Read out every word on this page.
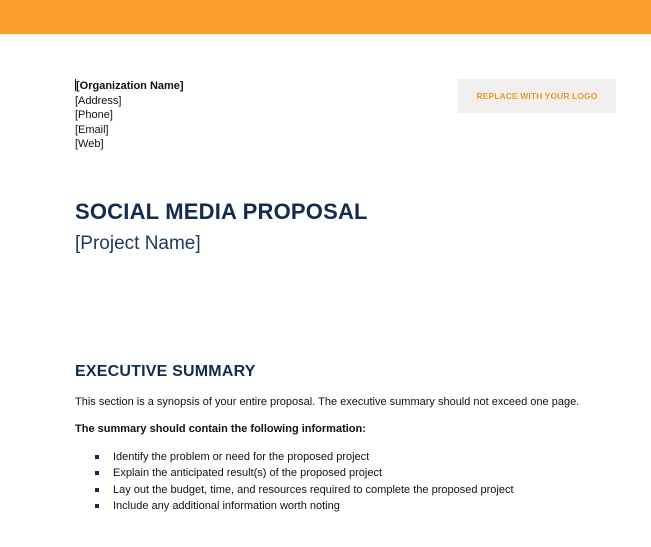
[Organization Name]
[Address]
[Phone]
[Email]
[Web]
REPLACE WITH YOUR LOGO
SOCIAL MEDIA PROPOSAL
[Project Name]
EXECUTIVE SUMMARY
This section is a synopsis of your entire proposal. The executive summary should not exceed one page.
The summary should contain the following information:
Identify the problem or need for the proposed project
Explain the anticipated result(s) of the proposed project
Lay out the budget, time, and resources required to complete the proposed project
Include any additional information worth noting
